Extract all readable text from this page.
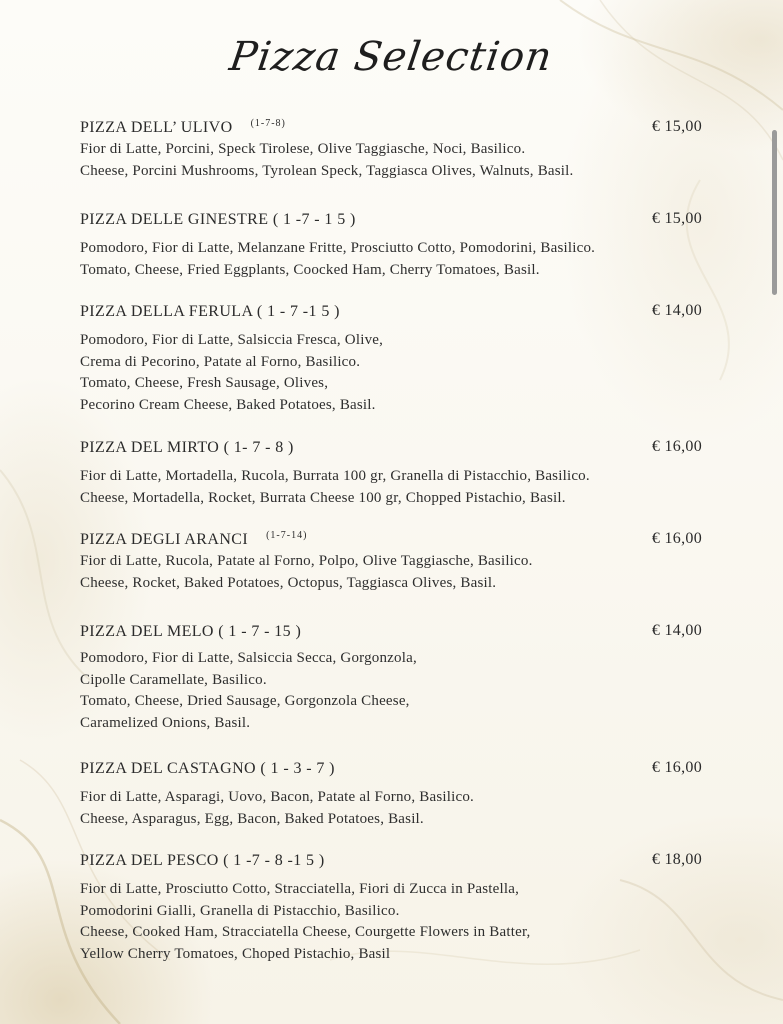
Pizza Selection
PIZZA DELL’ ULIVO $^{(1-7-8)}$	€ 15,00
Fior di Latte, Porcini, Speck Tirolese, Olive Taggiasche, Noci, Basilico.
Cheese, Porcini Mushrooms, Tyrolean Speck, Taggiasca Olives, Walnuts, Basil.
PIZZA DELLE GINESTRE ( 1 -7 - 1 5 )	€ 15,00
Pomodoro, Fior di Latte, Melanzane Fritte, Prosciutto Cotto, Pomodorini, Basilico.
Tomato, Cheese, Fried Eggplants, Coocked Ham, Cherry Tomatoes, Basil.
PIZZA DELLA FERULA ( 1 - 7 -1 5 )	€ 14,00
Pomodoro, Fior di Latte, Salsiccia Fresca, Olive,
Crema di Pecorino, Patate al Forno, Basilico.
Tomato, Cheese, Fresh Sausage, Olives,
Pecorino Cream Cheese, Baked Potatoes, Basil.
PIZZA DEL MIRTO ( 1- 7 - 8 )	€ 16,00
Fior di Latte, Mortadella, Rucola, Burrata 100 gr, Granella di Pistacchio, Basilico.
Cheese, Mortadella, Rocket, Burrata Cheese 100 gr, Chopped Pistachio, Basil.
PIZZA DEGLI ARANCI $^{(1-7-14)}$	€ 16,00
Fior di Latte, Rucola, Patate al Forno, Polpo, Olive Taggiasche, Basilico.
Cheese, Rocket, Baked Potatoes, Octopus, Taggiasca Olives, Basil.
PIZZA DEL MELO ( 1 - 7 - 15 )	€ 14,00
Pomodoro, Fior di Latte, Salsiccia Secca, Gorgonzola,
Cipolle Caramellate, Basilico.
Tomato, Cheese, Dried Sausage, Gorgonzola Cheese,
Caramelized Onions, Basil.
PIZZA DEL CASTAGNO ( 1 - 3 - 7 )	€ 16,00
Fior di Latte, Asparagi, Uovo, Bacon, Patate al Forno, Basilico.
Cheese, Asparagus, Egg, Bacon, Baked Potatoes, Basil.
PIZZA DEL PESCO ( 1 -7 - 8 -1 5 )	€ 18,00
Fior di Latte, Prosciutto Cotto, Stracciatella, Fiori di Zucca in Pastella,
Pomodorini Gialli, Granella di Pistacchio, Basilico.
Cheese, Cooked Ham, Stracciatella Cheese, Courgette Flowers in Batter,
Yellow Cherry Tomatoes, Choped Pistachio, Basil
